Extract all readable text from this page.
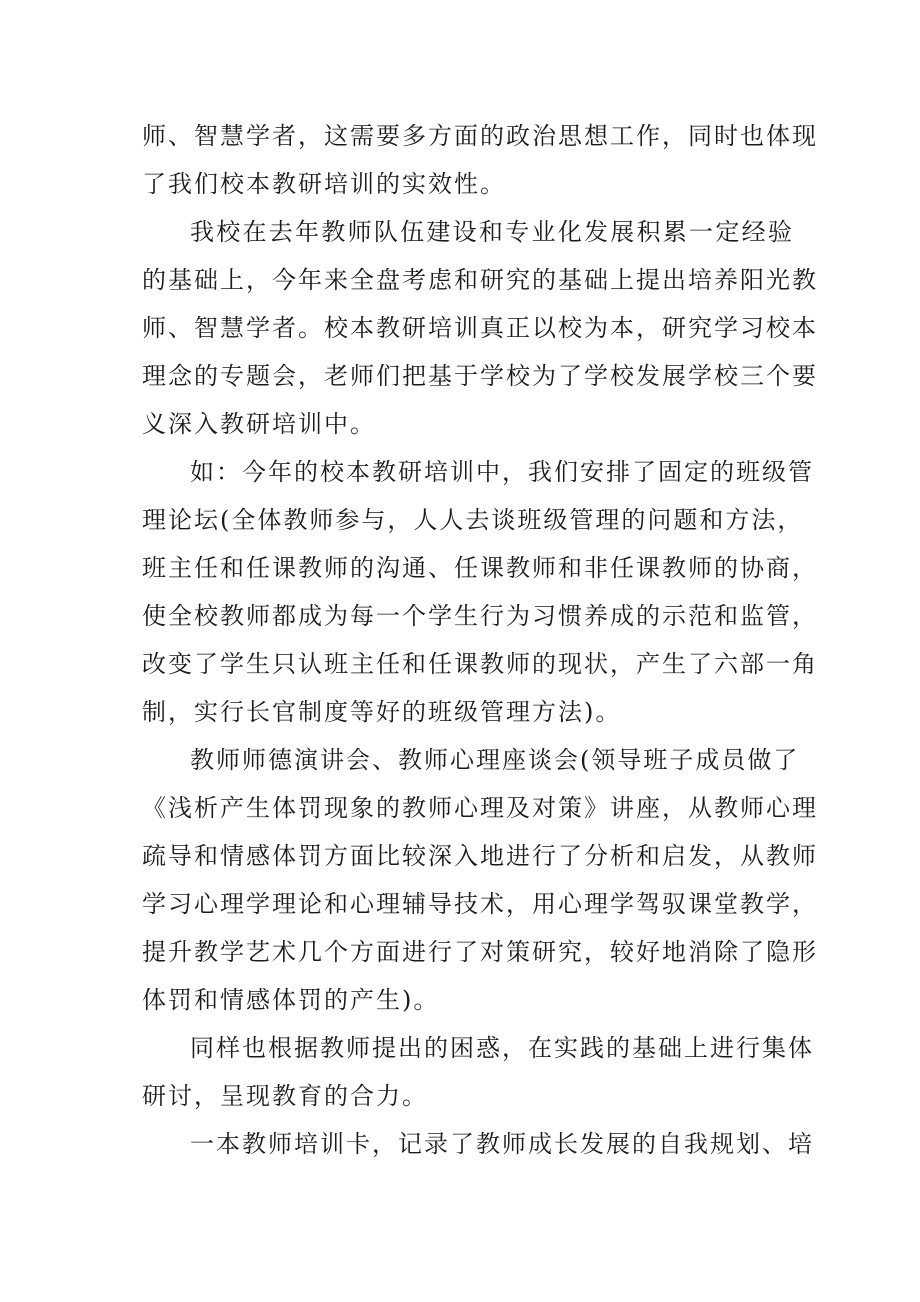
师 、 智 慧 学 者 ， 这 需 要 多 方 面 的 政 治 思 想 工 作 ， 同 时 也 体 现
了我们校本教研培训的实效性。
我 校 在 去 年 教 师 队 伍 建 设 和 专 业 化 发 展 积 累 一 定 经 验
的 基 础 上 ， 今 年 来 全 盘 考 虑 和 研 究 的 基 础 上 提 出 培 养 阳 光 教
师 、 智 慧 学 者 。 校 本 教 研 培 训 真 正 以 校 为 本 ， 研 究 学 习 校 本
理 念 的 专 题 会 ， 老 师 们 把 基 于 学 校 为 了 学 校 发 展 学 校 三 个 要
义深入教研培训中。
如 ： 今 年 的 校 本 教 研 培 训 中 ， 我 们 安 排 了 固 定 的 班 级 管
理 论 坛 ( 全 体 教 师 参 与 ， 人 人 去 谈 班 级 管 理 的 问 题 和 方 法 ，
班 主 任 和 任 课 教 师 的 沟 通 、 任 课 教 师 和 非 任 课 教 师 的 协 商 ，
使 全 校 教 师 都 成 为 每 一 个 学 生 行 为 习 惯 养 成 的 示 范 和 监 管 ，
改 变 了 学 生 只 认 班 主 任 和 任 课 教 师 的 现 状 ， 产 生 了 六 部 一 角
制，实行长官制度等好的班级管理方法)。
教 师 师 德 演 讲 会 、 教 师 心 理 座 谈 会 ( 领 导 班 子 成 员 做 了
《 浅 析 产 生 体 罚 现 象 的 教 师 心 理 及 对 策 》 讲 座 ， 从 教 师 心 理
疏 导 和 情 感 体 罚 方 面 比 较 深 入 地 进 行 了 分 析 和 启 发 ， 从 教 师
学 习 心 理 学 理 论 和 心 理 辅 导 技 术 ， 用 心 理 学 驾 驭 课 堂 教 学 ，
提 升 教 学 艺 术 几 个 方 面 进 行 了 对 策 研 究 ， 较 好 地 消 除 了 隐 形
体罚和情感体罚的产生)。
同 样 也 根 据 教 师 提 出 的 困 惑 ， 在 实 践 的 基 础 上 进 行 集 体
研讨，呈现教育的合力。
一 本 教 师 培 训 卡 ， 记 录 了 教 师 成 长 发 展 的 自 我 规 划 、 培
